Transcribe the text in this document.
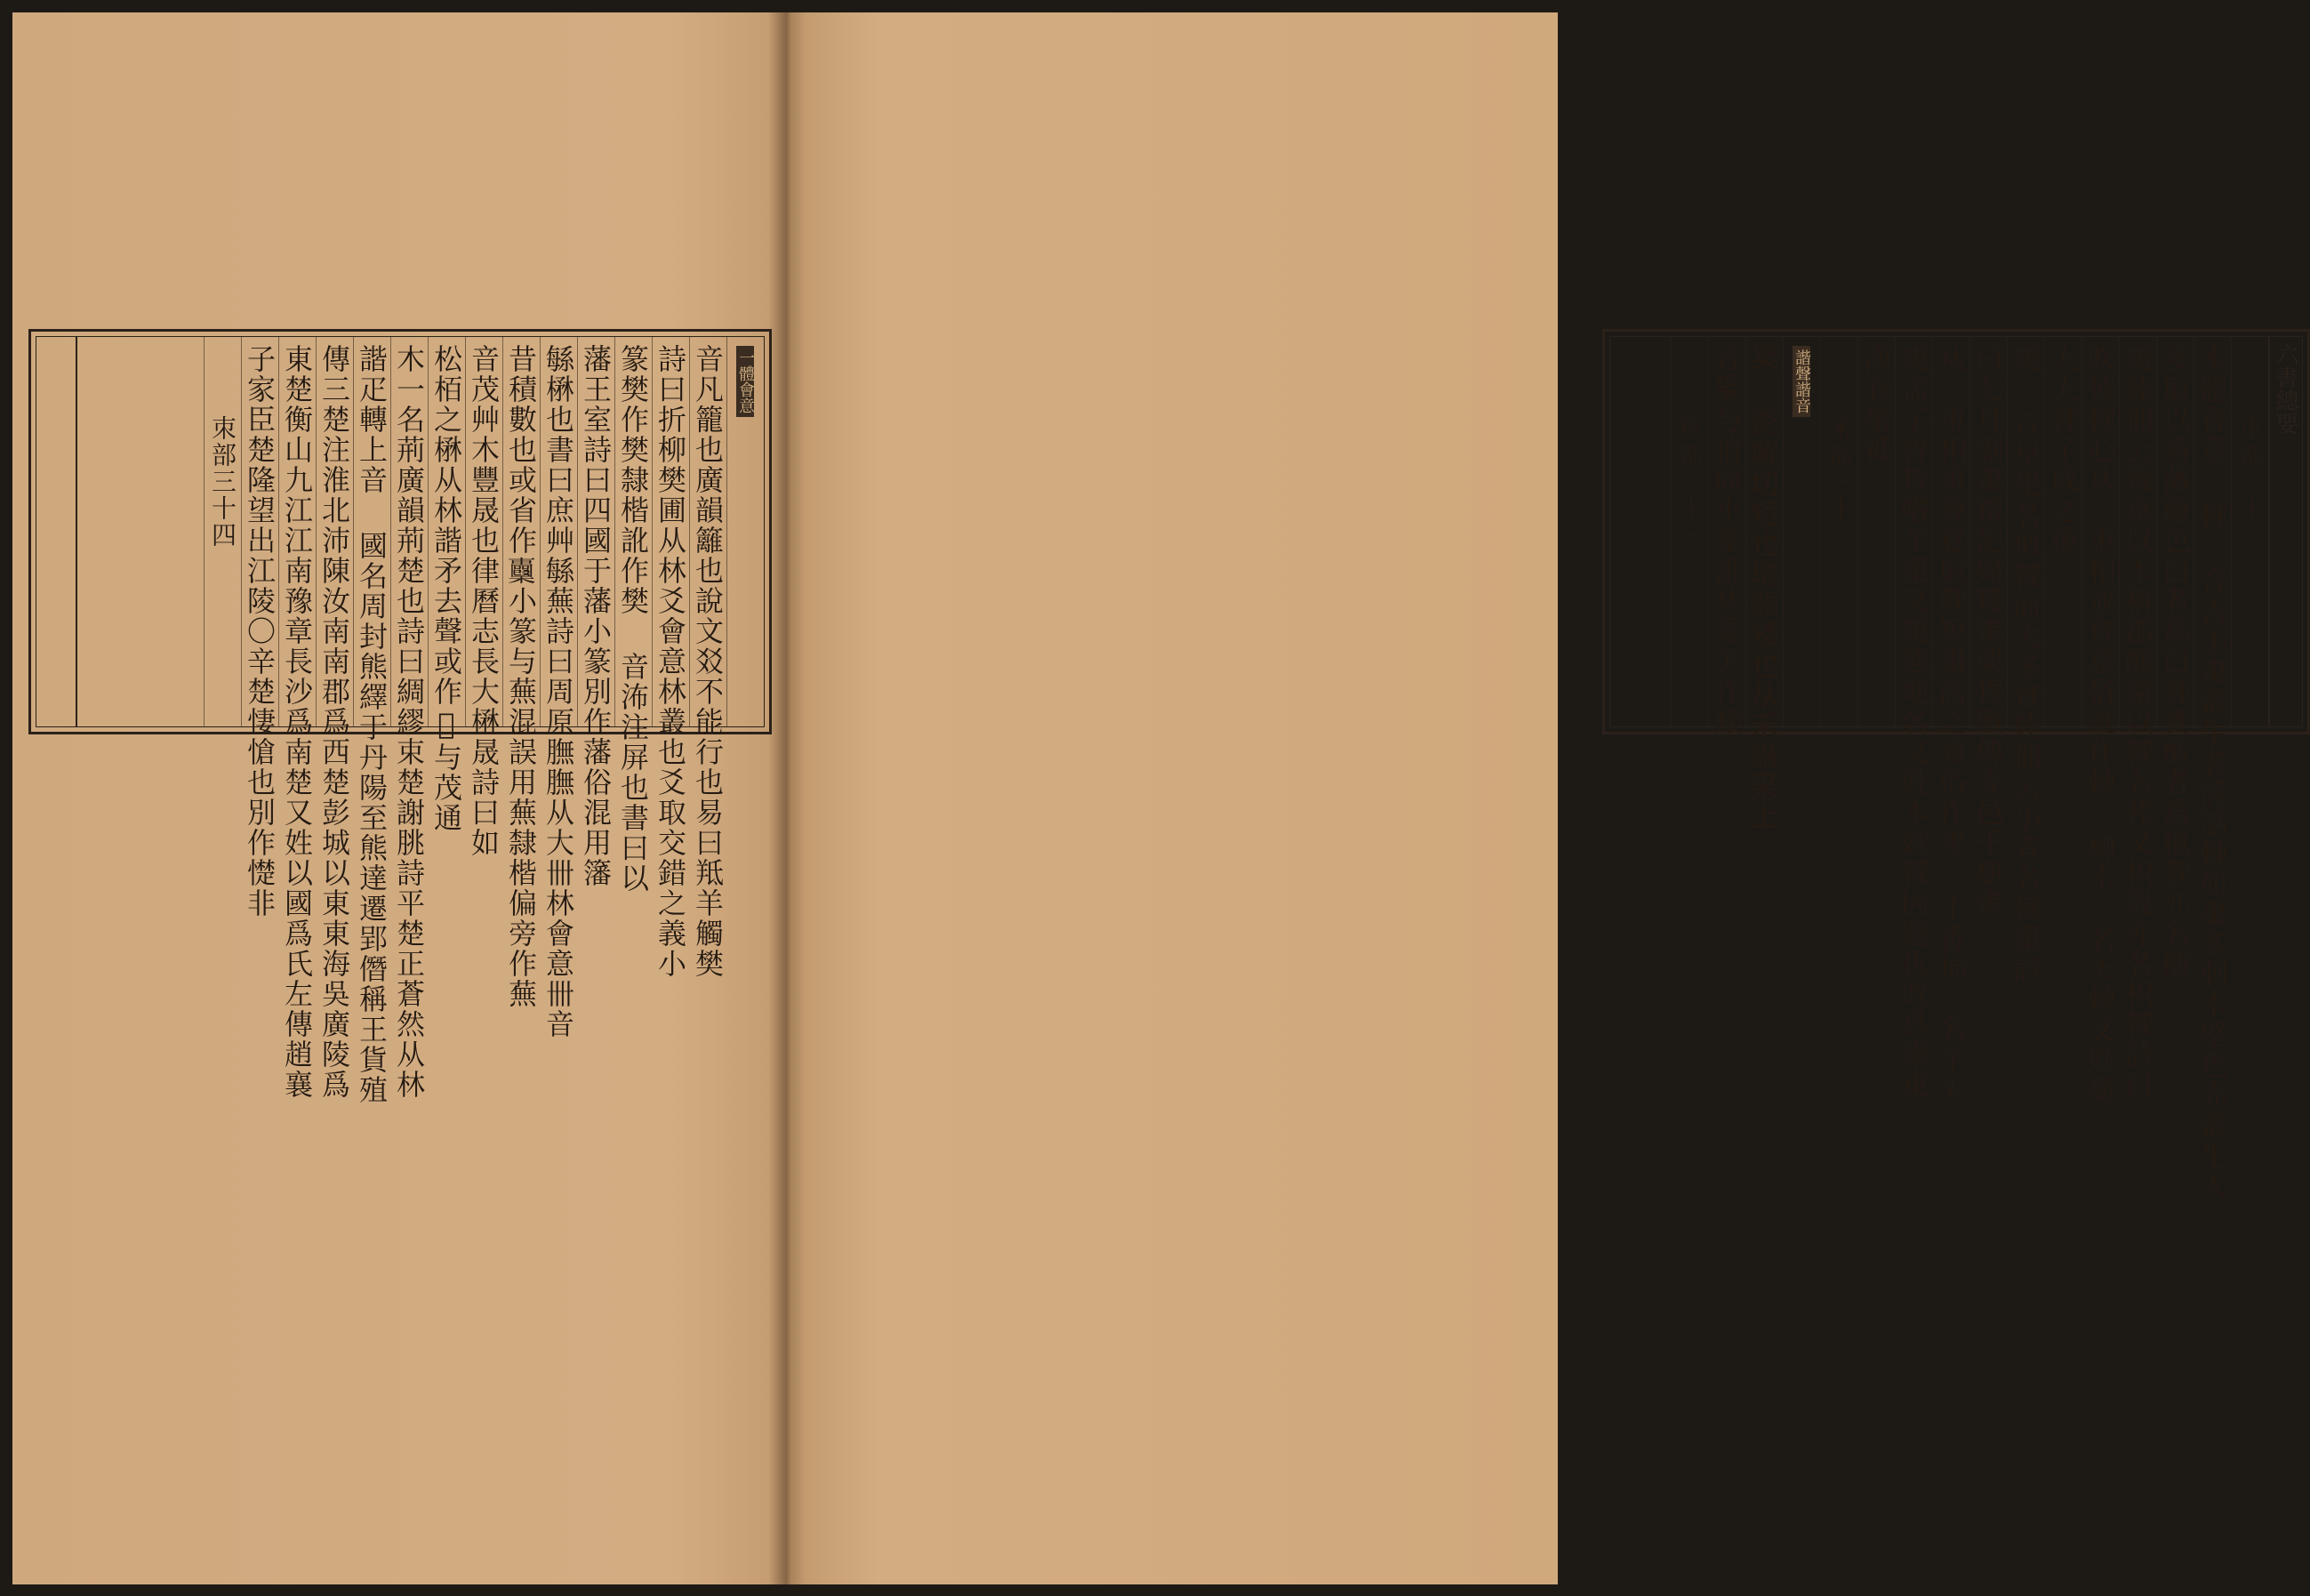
一體會意
音凡籠也廣韻籬也說文㸚不能行也易曰羝羊觸樊
詩曰折柳樊圃从林爻會意林叢也爻取交錯之義小
篆樊作樊隸楷訛作樊 音㳍注屏也書曰以
藩王室詩曰四國于藩小篆別作藩俗混用籓
緐楙也書曰庶艸緐蕪詩曰周原膴膴从大卌林會意卌音
昔積數也或省作𣡦小篆与蕪混誤用蕪隸楷偏旁作蕪
音茂艸木豐晟也律曆志長大楙晟詩曰如
松栢之楙从林諧矛去聲或作𣞤与茂通
木一名荊廣韻荊楚也詩曰綢繆束楚謝朓詩平楚正蒼然从林
諧疋轉上音 國名周封熊繹于丹陽至熊達遷郢僭稱王貨殖
傳三楚注淮北沛陳汝南南郡爲西楚彭城以東東海吳廣陵爲
東楚衡山九江江南豫章長沙爲南楚又姓以國爲氏左傳趙襄
子家臣楚隆望出江陵〇辛楚悽愴也別作憷非
朿部三十四
六書總要
朿部三十一
本體會意 棘 音吉小棗叢生者詩話棘如棗多刺木堅色赤叢生人
多取以爲藩籬色白者爲白棘實酸者爲樲棘亦名酸
棗陸佃云豫章以木稱郡酸棗以棘名邦又枳殼亦名枳棘詩曰
吹彼棘心从二朿相並會意俗訛作棘 柳木一名天棘又姓衛
大夫棘子成之後
棗 音早果名似棘而大多實陸佃云小者名棘棗詩
曰七月剝棗禮記婦贄棗栗貨殖傳安邑千樹棗
从二朿相重會意取棘短棗高之義俗作枣 丁香柿一名羊矢
棗孟子曾皙嗜羊棗又棗強地名又姓本姓棘因避仇改爲棗東
漢有棗祗
禾部三十二
諧聲諧音
𥝩 影解切短也增韻矮也从禾諧𥝩上
音𥝩与佁同小篆訛从委矢作矮
林部三十三
